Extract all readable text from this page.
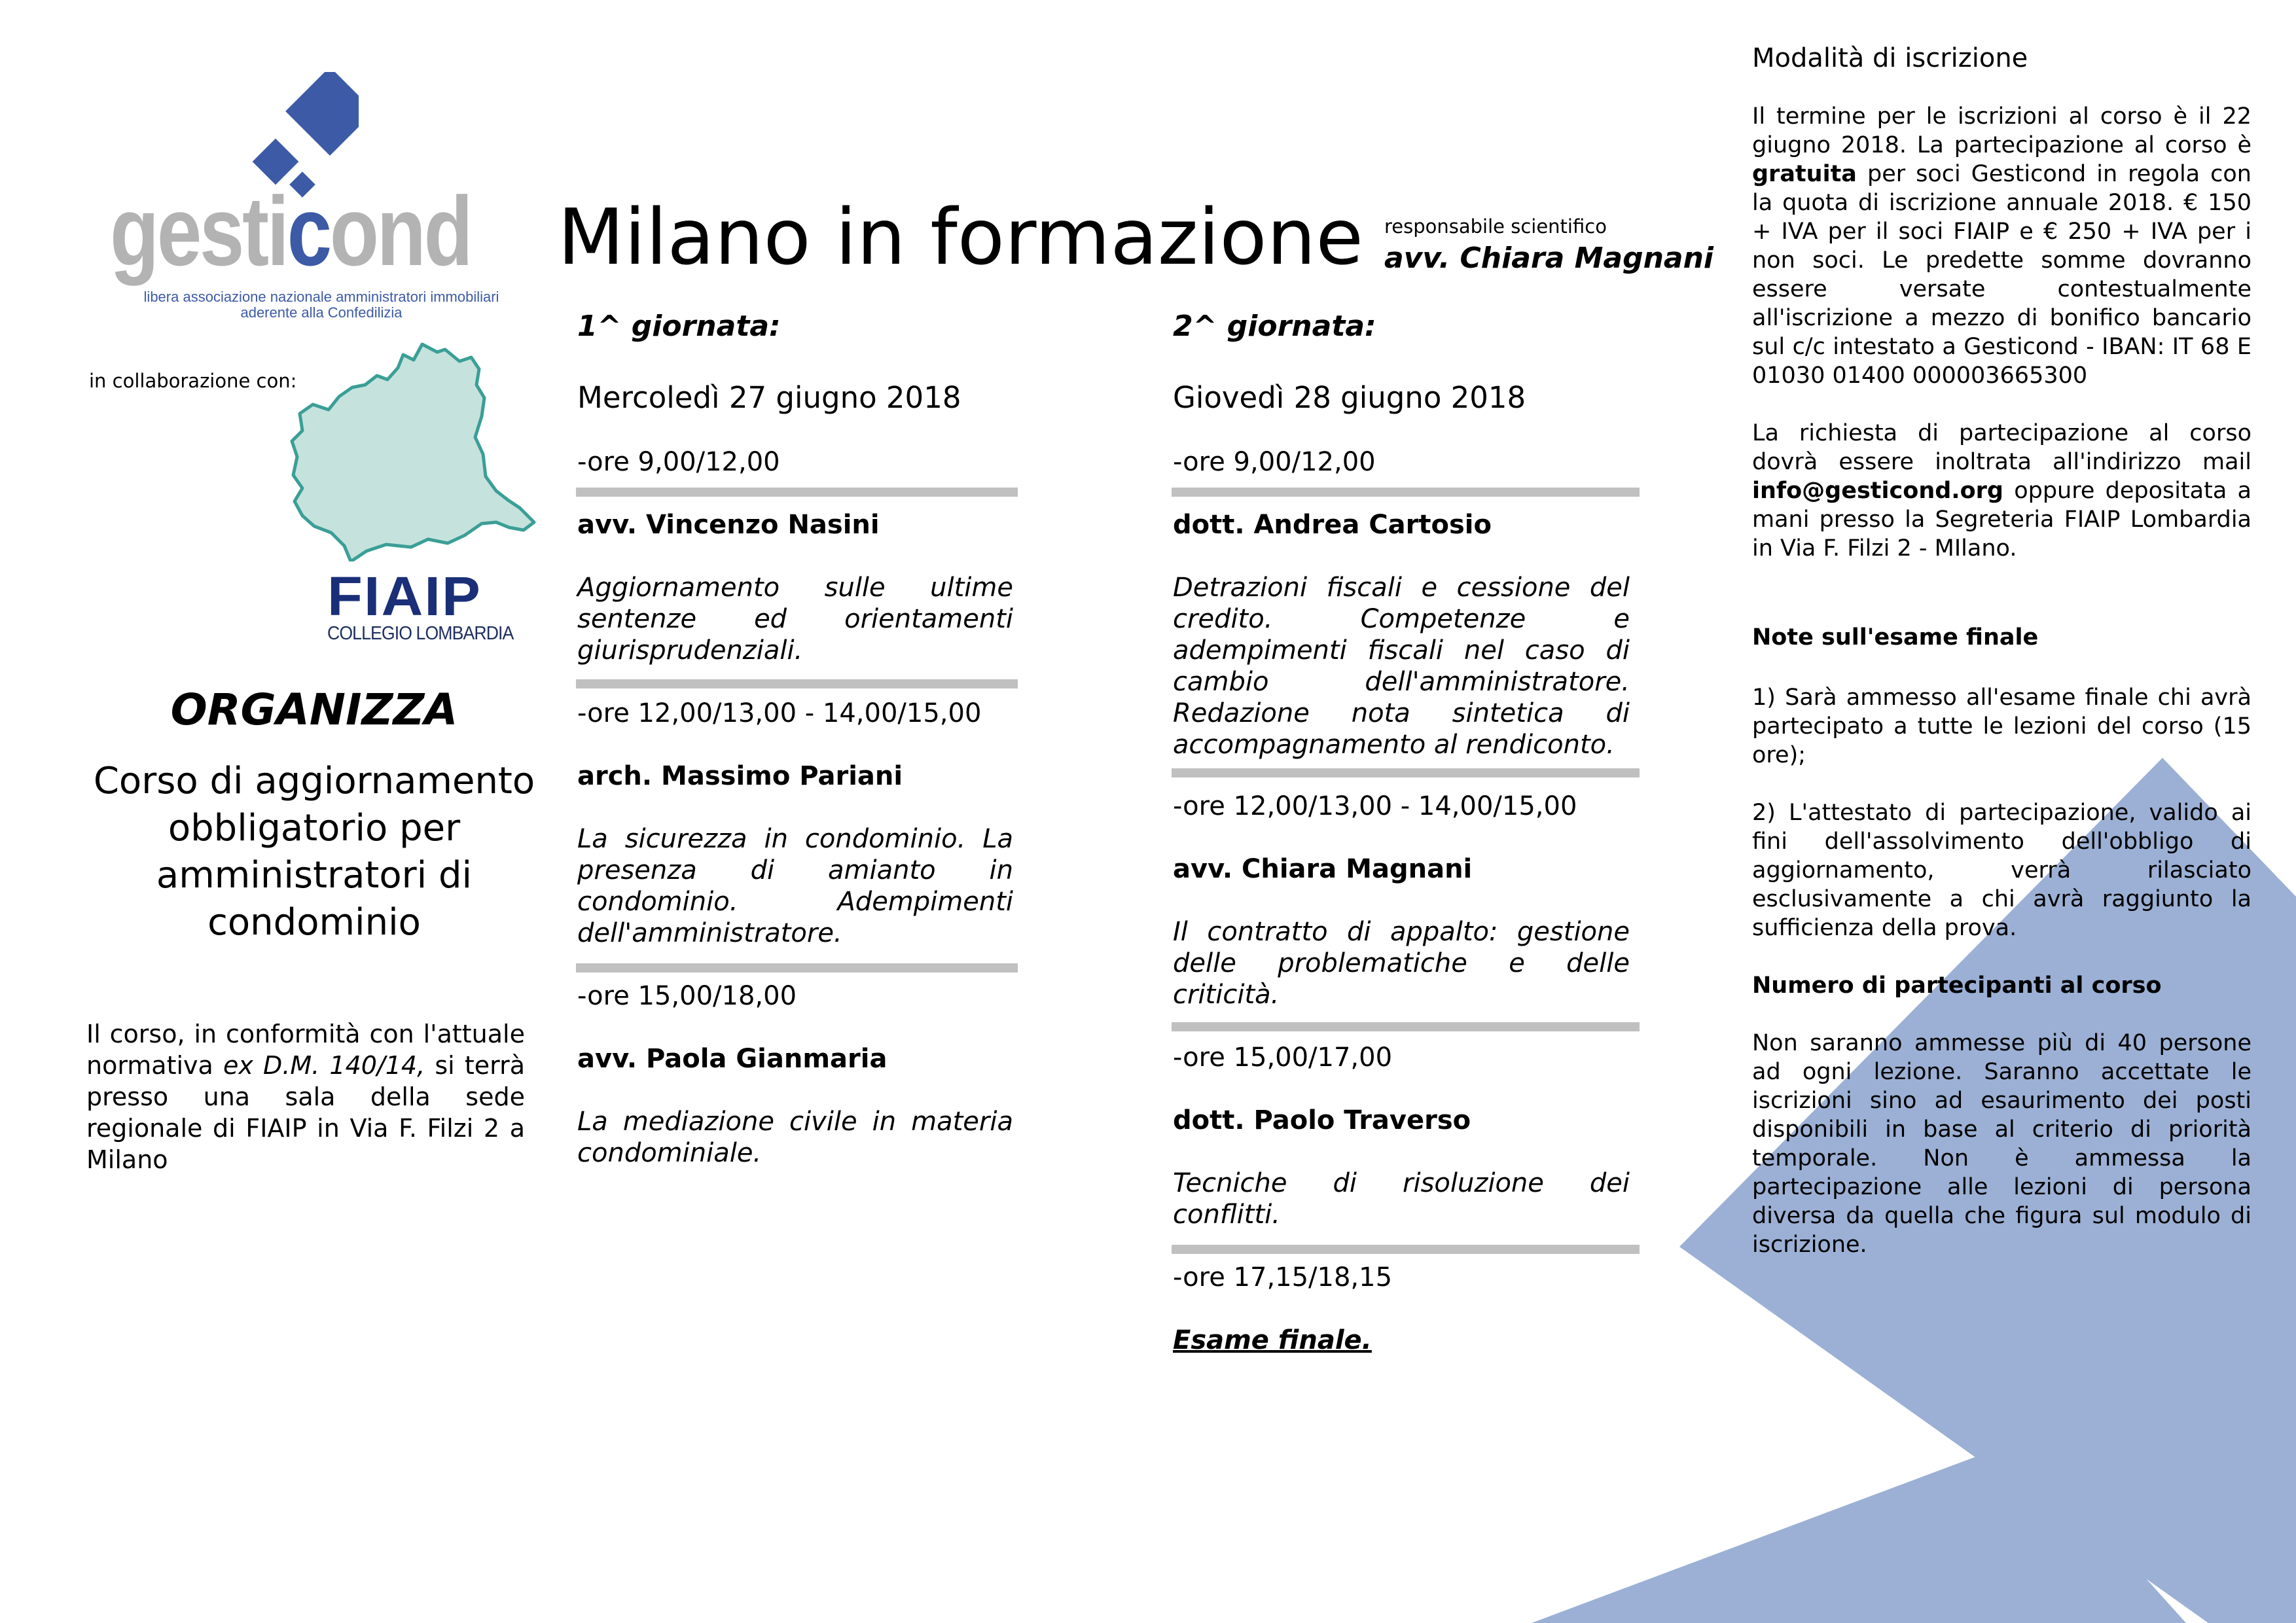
gesticond
libera associazione nazionale amministratori immobiliari
aderente alla Confedilizia
in collaborazione con:
FIAIP
COLLEGIO LOMBARDIA
ORGANIZZA
Corso di aggiornamento obbligatorio per amministratori di condominio
Il corso, in conformità con l'attuale normativa ex D.M. 140/14, si terrà presso una sala della sede regionale di FIAIP in Via F. Filzi 2 a Milano
Milano in formazione responsabile scientifico
avv. Chiara Magnani
1^ giornata:
Mercoledì 27 giugno 2018
-ore 9,00/12,00
avv. Vincenzo Nasini
Aggiornamento sulle ultime sentenze ed orientamenti giurisprudenziali.
-ore 12,00/13,00 - 14,00/15,00
arch. Massimo Pariani
La sicurezza in condominio. La presenza di amianto in condominio. Adempimenti dell'amministratore.
-ore 15,00/18,00
avv. Paola Gianmaria
La mediazione civile in materia condominiale.
2^ giornata:
Giovedì 28 giugno 2018
-ore 9,00/12,00
dott. Andrea Cartosio
Detrazioni fiscali e cessione del credito. Competenze e adempimenti fiscali nel caso di cambio dell'amministratore. Redazione nota sintetica di accompagnamento al rendiconto.
-ore 12,00/13,00 - 14,00/15,00
avv. Chiara Magnani
Il contratto di appalto: gestione delle problematiche e delle criticità.
-ore 15,00/17,00
dott. Paolo Traverso
Tecniche di risoluzione dei conflitti.
-ore 17,15/18,15
Esame finale.
Modalità di iscrizione
Il termine per le iscrizioni al corso è il 22 giugno 2018. La partecipazione al corso è gratuita per soci Gesticond in regola con la quota di iscrizione annuale 2018. € 150 + IVA per il soci FIAIP e € 250 + IVA per i non soci. Le predette somme dovranno essere versate contestualmente all'iscrizione a mezzo di bonifico bancario sul c/c intestato a Gesticond - IBAN: IT 68 E 01030 01400 000003665300
La richiesta di partecipazione al corso dovrà essere inoltrata all'indirizzo mail info@gesticond.org oppure depositata a mani presso la Segreteria FIAIP Lombardia in Via F. Filzi 2 - MIlano.
Note sull'esame finale
1) Sarà ammesso all'esame finale chi avrà partecipato a tutte le lezioni del corso (15 ore);
2) L'attestato di partecipazione, valido ai fini dell'assolvimento dell'obbligo di aggiornamento, verrà rilasciato esclusivamente a chi avrà raggiunto la sufficienza della prova.
Numero di partecipanti al corso
Non saranno ammesse più di 40 persone ad ogni lezione. Saranno accettate le iscrizioni sino ad esaurimento dei posti disponibili in base al criterio di priorità temporale. Non è ammessa la partecipazione alle lezioni di persona diversa da quella che figura sul modulo di iscrizione.
